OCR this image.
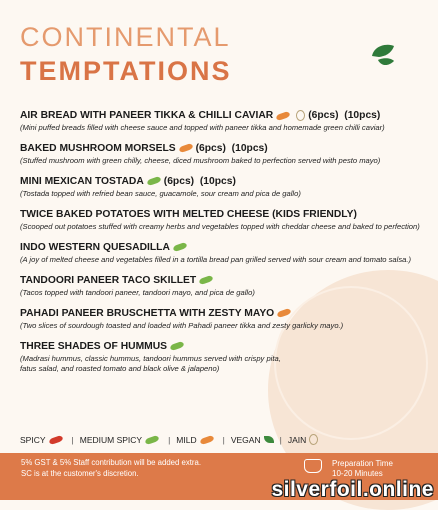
CONTINENTAL
TEMPTATIONS
AIR BREAD WITH PANEER TIKKA & CHILLI CAVIAR	(6pcs)  (10pcs)
(Mini puffed breads filled with cheese sauce and topped with paneer tikka and homemade green chilli caviar)
BAKED MUSHROOM MORSELS (6pcs)  (10pcs)
(Stuffed mushroom with green chilly, cheese, diced mushroom baked to perfection served with pesto mayo)
MINI MEXICAN TOSTADA (6pcs)  (10pcs)
(Tostada topped with refried bean sauce, guacamole, sour cream and pica de gallo)
TWICE BAKED POTATOES WITH MELTED CHEESE (KIDS FRIENDLY)
(Scooped out potatoes stuffed with creamy herbs and vegetables topped with cheddar cheese and baked to perfection)
INDO WESTERN QUESADILLA
(A joy of melted cheese and vegetables filled in a tortilla bread pan grilled served with sour cream and tomato salsa.)
TANDOORI PANEER TACO SKILLET
(Tacos topped with tandoori paneer, tandoori mayo, and pica de gallo)
PAHADI PANEER BRUSCHETTA WITH ZESTY MAYO
(Two slices of sourdough toasted and loaded with Pahadi paneer tikka and zesty garlicky mayo.)
THREE SHADES OF HUMMUS
(Madrasi hummus, classic hummus, tandoori hummus served with crispy pita,
fatus salad, and roasted tomato and black olive & jalapeno)
SPICY	| MEDIUM SPICY	| MILD	| VEGAN | JAIN
5% GST & 5% Staff contribution will be added extra.
SC is at the customer's discretion.
Preparation Time
10-20 Minutes
silverfoil.online
